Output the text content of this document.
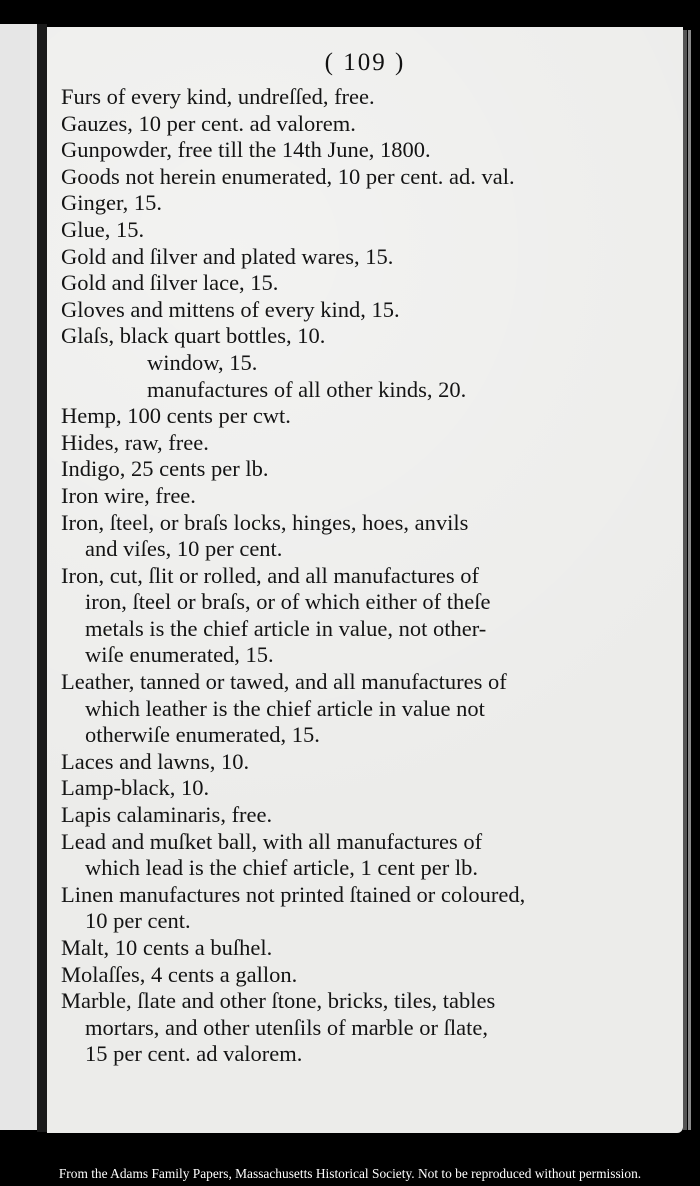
( 109 )
Furs of every kind, undreſſed, free.
Gauzes, 10 per cent. ad valorem.
Gunpowder, free till the 14th June, 1800.
Goods not herein enumerated, 10 per cent. ad. val.
Ginger, 15.
Glue, 15.
Gold and ſilver and plated wares, 15.
Gold and ſilver lace, 15.
Gloves and mittens of every kind, 15.
Glaſs, black quart bottles, 10.
window, 15.
manufactures of all other kinds, 20.
Hemp, 100 cents per cwt.
Hides, raw, free.
Indigo, 25 cents per lb.
Iron wire, free.
Iron, ſteel, or braſs locks, hinges, hoes, anvils
and viſes, 10 per cent.
Iron, cut, ſlit or rolled, and all manufactures of
iron, ſteel or braſs, or of which either of theſe
metals is the chief article in value, not other-
wiſe enumerated, 15.
Leather, tanned or tawed, and all manufactures of
which leather is the chief article in value not
otherwiſe enumerated, 15.
Laces and lawns, 10.
Lamp-black, 10.
Lapis calaminaris, free.
Lead and muſket ball, with all manufactures of
which lead is the chief article, 1 cent per lb.
Linen manufactures not printed ſtained or coloured,
10 per cent.
Malt, 10 cents a buſhel.
Molaſſes, 4 cents a gallon.
Marble, ſlate and other ſtone, bricks, tiles, tables
mortars, and other utenſils of marble or ſlate,
15 per cent. ad valorem.
From the Adams Family Papers, Massachusetts Historical Society. Not to be reproduced without permission.
